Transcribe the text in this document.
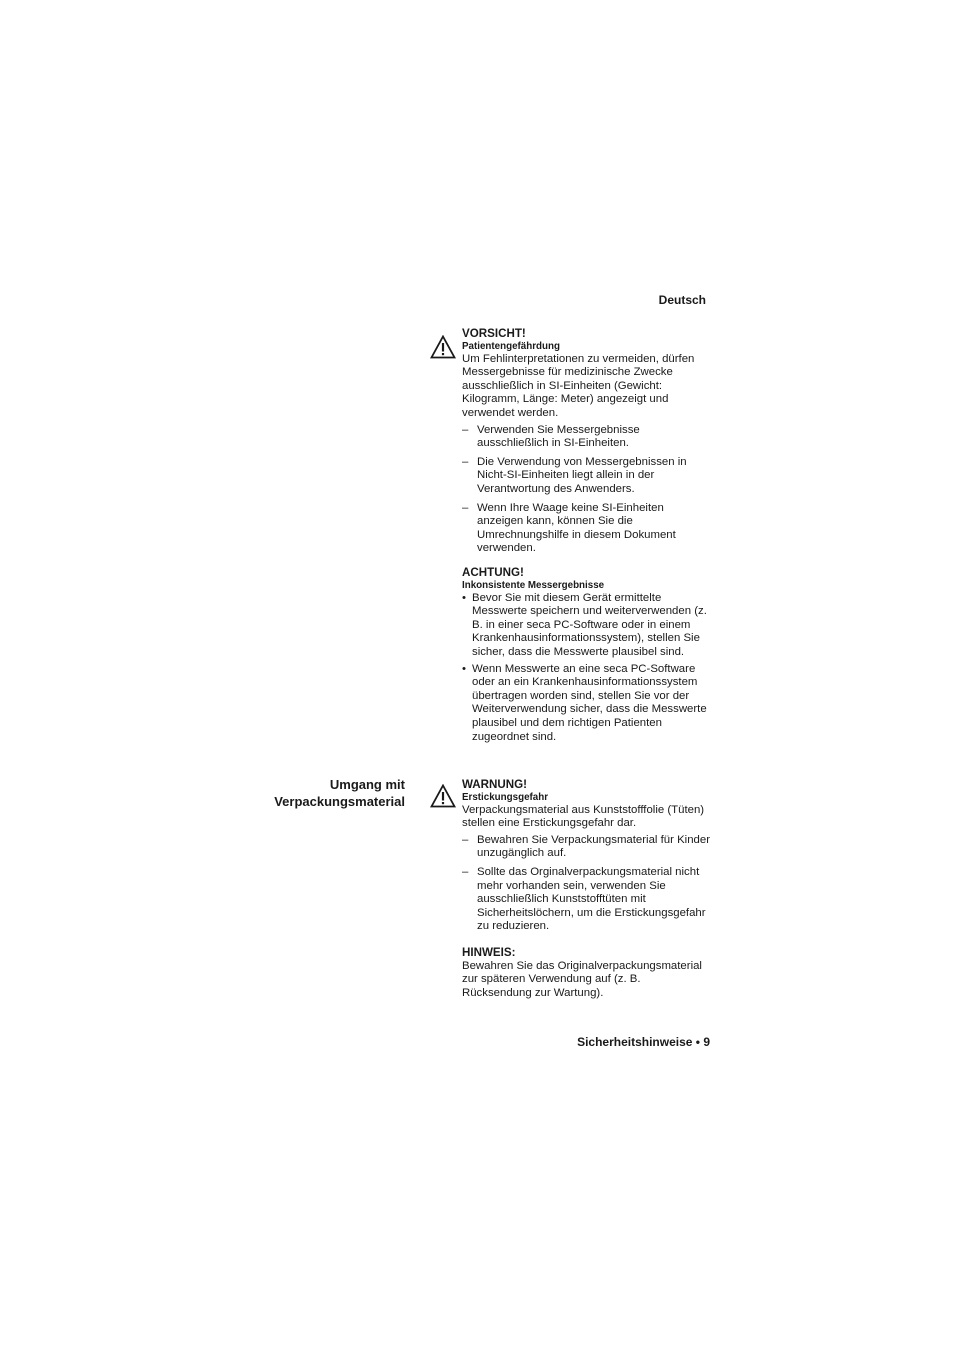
Deutsch
VORSICHT!
Patientengefährdung

Um Fehlinterpretationen zu vermeiden, dürfen Messergebnisse für medizinische Zwecke ausschließlich in SI-Einheiten (Gewicht: Kilogramm, Länge: Meter) angezeigt und verwendet werden.

– Verwenden Sie Messergebnisse ausschließlich in SI-Einheiten.
– Die Verwendung von Messergebnissen in Nicht-SI-Einheiten liegt allein in der Verantwortung des Anwenders.
– Wenn Ihre Waage keine SI-Einheiten anzeigen kann, können Sie die Umrechnungshilfe in diesem Dokument verwenden.
ACHTUNG!
Inkonsistente Messergebnisse
• Bevor Sie mit diesem Gerät ermittelte Messwerte speichern und weiterverwenden (z. B. in einer seca PC-Software oder in einem Krankenhausinformationssystem), stellen Sie sicher, dass die Messwerte plausibel sind.
• Wenn Messwerte an eine seca PC-Software oder an ein Krankenhausinformationssystem übertragen worden sind, stellen Sie vor der Weiterverwendung sicher, dass die Messwerte plausibel und dem richtigen Patienten zugeordnet sind.
Umgang mit
Verpackungsmaterial
WARNUNG!
Erstickungsgefahr

Verpackungsmaterial aus Kunststofffolie (Tüten) stellen eine Erstickungsgefahr dar.

– Bewahren Sie Verpackungsmaterial für Kinder unzugänglich auf.
– Sollte das Orginalverpackungsmaterial nicht mehr vorhanden sein, verwenden Sie ausschließlich Kunststofftüten mit Sicherheitslöchern, um die Erstickungsgefahr zu reduzieren.
HINWEIS:

Bewahren Sie das Originalverpackungsmaterial zur späteren Verwendung auf (z. B. Rücksendung zur Wartung).

Sicherheitshinweise • 9
